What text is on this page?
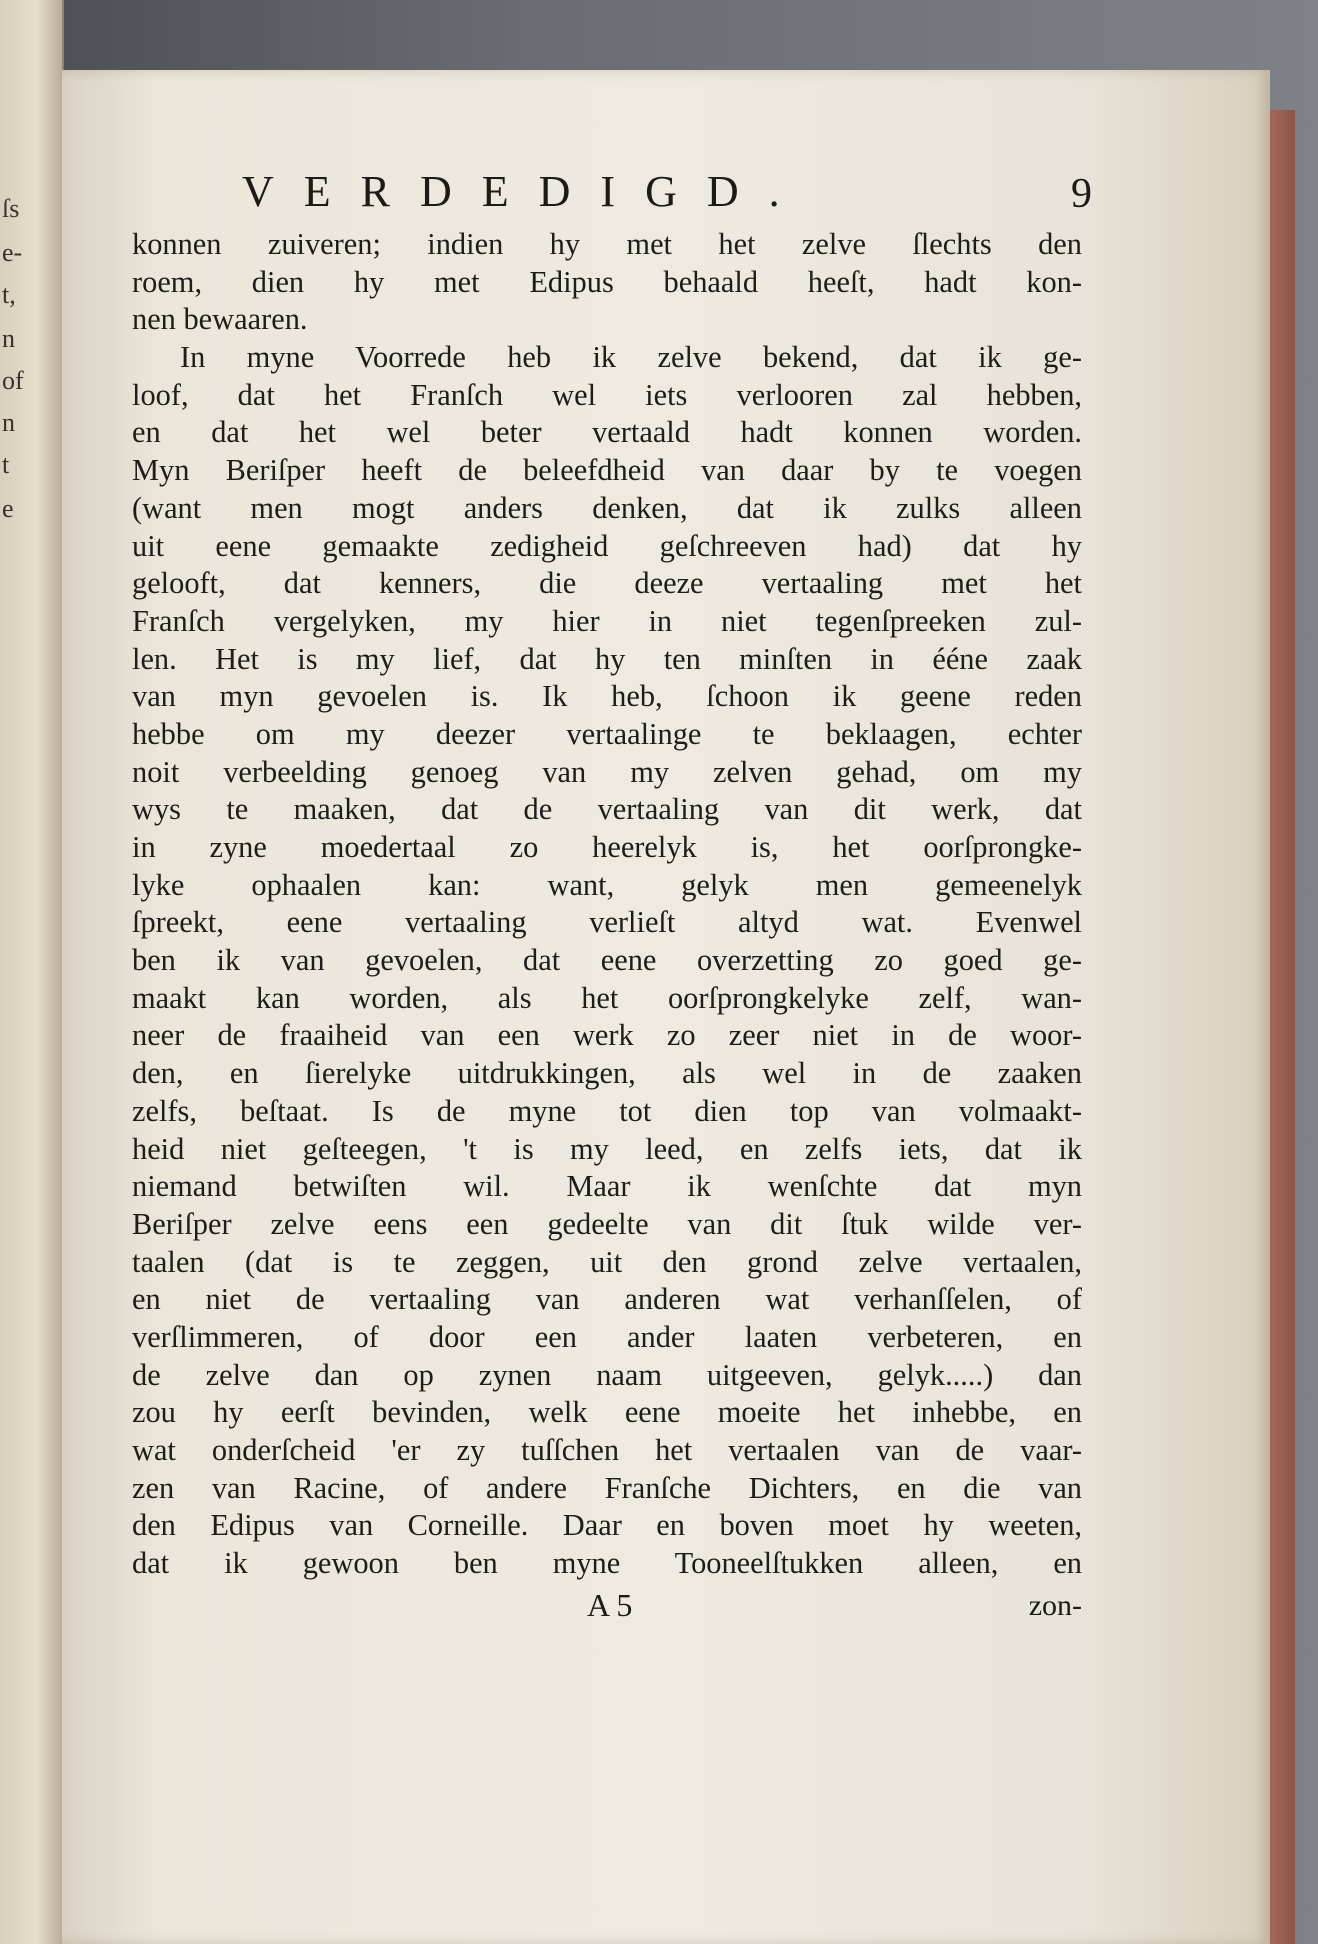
ſs
e-
t,
n
of
n
t
e
VERDEDIGD.	9
konnen zuiveren; indien hy met het zelve ſlechts den
roem, dien hy met Edipus behaald heeſt, hadt kon-
nen bewaaren.
In myne Voorrede heb ik zelve bekend, dat ik ge-
loof, dat het Franſch wel iets verlooren zal hebben,
en dat het wel beter vertaald hadt konnen worden.
Myn Beriſper heeft de beleefdheid van daar by te voegen
(want men mogt anders denken, dat ik zulks alleen
uit eene gemaakte zedigheid geſchreeven had) dat hy
gelooft, dat kenners, die deeze vertaaling met het
Franſch vergelyken, my hier in niet tegenſpreeken zul-
len. Het is my lief, dat hy ten minſten in ééne zaak
van myn gevoelen is. Ik heb, ſchoon ik geene reden
hebbe om my deezer vertaalinge te beklaagen, echter
noit verbeelding genoeg van my zelven gehad, om my
wys te maaken, dat de vertaaling van dit werk, dat
in zyne moedertaal zo heerelyk is, het oorſprongke-
lyke ophaalen kan: want, gelyk men gemeenelyk
ſpreekt, eene vertaaling verlieſt altyd wat. Evenwel
ben ik van gevoelen, dat eene overzetting zo goed ge-
maakt kan worden, als het oorſprongkelyke zelf, wan-
neer de fraaiheid van een werk zo zeer niet in de woor-
den, en ſierelyke uitdrukkingen, als wel in de zaaken
zelfs, beſtaat. Is de myne tot dien top van volmaakt-
heid niet geſteegen, 't is my leed, en zelfs iets, dat ik
niemand betwiſten wil. Maar ik wenſchte dat myn
Beriſper zelve eens een gedeelte van dit ſtuk wilde ver-
taalen (dat is te zeggen, uit den grond zelve vertaalen,
en niet de vertaaling van anderen wat verhanſſelen, of
verſlimmeren, of door een ander laaten verbeteren, en
de zelve dan op zynen naam uitgeeven, gelyk.....) dan
zou hy eerſt bevinden, welk eene moeite het inhebbe, en
wat onderſcheid 'er zy tuſſchen het vertaalen van de vaar-
zen van Racine, of andere Franſche Dichters, en die van
den Edipus van Corneille. Daar en boven moet hy weeten,
dat ik gewoon ben myne Tooneelſtukken alleen, en
A 5	zon-
